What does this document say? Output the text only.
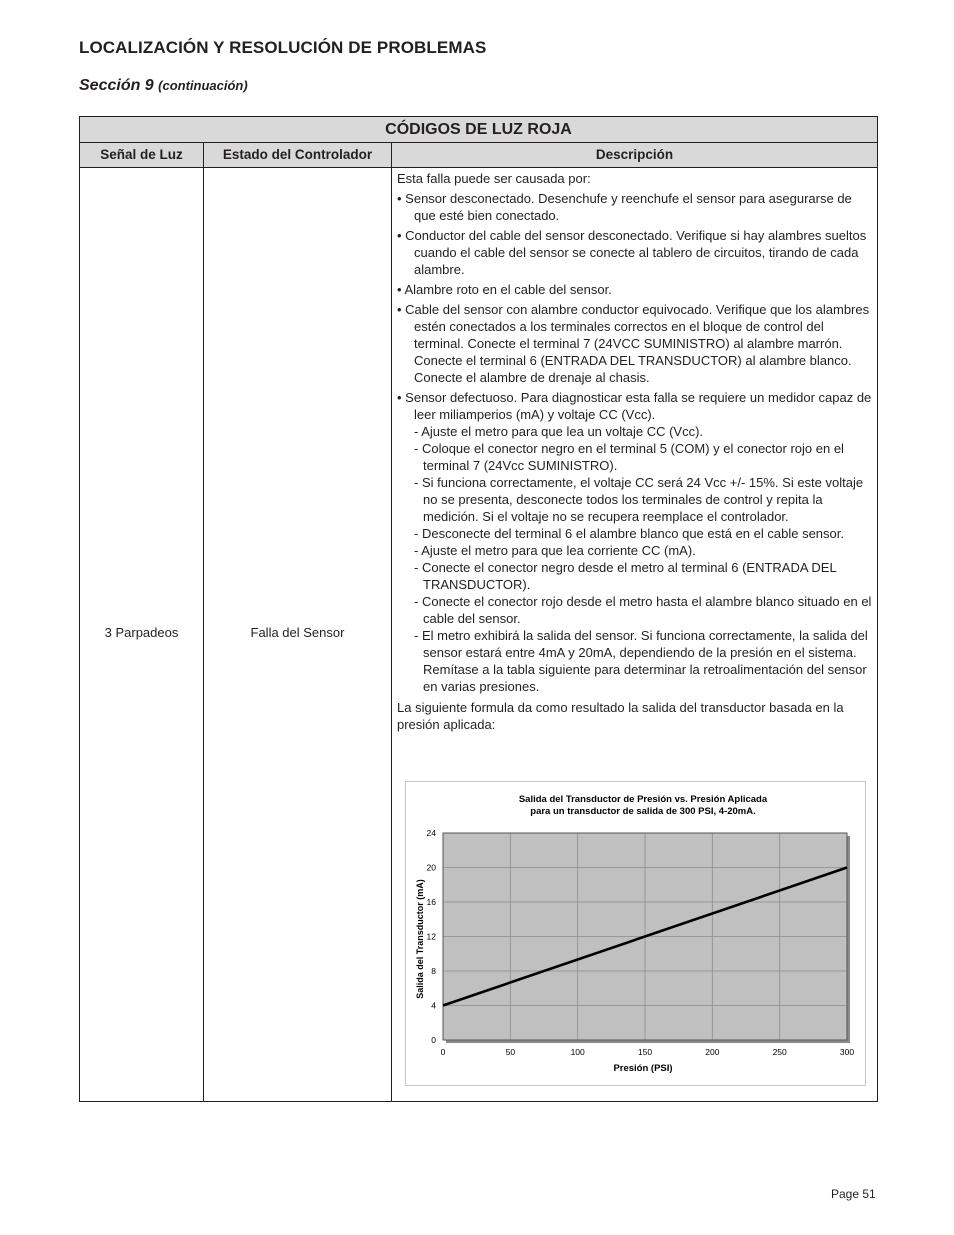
LOCALIZACIÓN Y RESOLUCIÓN DE PROBLEMAS
Sección 9 (continuación)
CÓDIGOS DE LUZ ROJA
Señal de Luz	Estado del Controlador	Descripción
3 Parpadeos	Falla del Sensor

Esta falla puede ser causada por:

• Sensor desconectado. Desenchufe y reenchufe el sensor para asegurarse de que esté bien conectado.

• Conductor del cable del sensor desconectado. Verifique si hay alambres sueltos cuando el cable del sensor se conecte al tablero de circuitos, tirando de cada alambre.

• Alambre roto en el cable del sensor.

• Cable del sensor con alambre conductor equivocado. Verifique que los alambres estén conectados a los terminales correctos en el bloque de control del terminal. Conecte el terminal 7 (24VCC SUMINISTRO) al alambre marrón. Conecte el terminal 6 (ENTRADA DEL TRANSDUCTOR) al alambre blanco. Conecte el alambre de drenaje al chasis.

• Sensor defectuoso. Para diagnosticar esta falla se requiere un medidor capaz de leer miliamperios (mA) y voltaje CC (Vcc).

- Ajuste el metro para que lea un voltaje CC (Vcc).

- Coloque el conector negro en el terminal 5 (COM) y el conector rojo en el terminal 7 (24Vcc SUMINISTRO).

- Si funciona correctamente, el voltaje CC será 24 Vcc +/- 15%. Si este voltaje no se presenta, desconecte todos los terminales de control y repita la medición. Si el voltaje no se recupera reemplace el controlador.

- Desconecte del terminal 6 el alambre blanco que está en el cable sensor.

- Ajuste el metro para que lea corriente CC (mA).

- Conecte el conector negro desde el metro al terminal 6 (ENTRADA DEL TRANSDUCTOR).

- Conecte el conector rojo desde el metro hasta el alambre blanco situado en el cable del sensor.

- El metro exhibirá la salida del sensor. Si funciona correctamente, la salida del sensor estará entre 4mA y 20mA, dependiendo de la presión en el sistema. Remítase a la tabla siguiente para determinar la retroalimentación del sensor en varias presiones.

La siguiente formula da como resultado la salida del transductor basada en la presión aplicada:

Salida del Transductor de Presión vs. Presión Aplicada
para un transductor de salida de 300 PSI, 4-20mA.
0	50	100	150	200	250	300
0
4
8
12
16
20
24
Presión (PSI)
Salida del Transductor (mA)
Page 51
